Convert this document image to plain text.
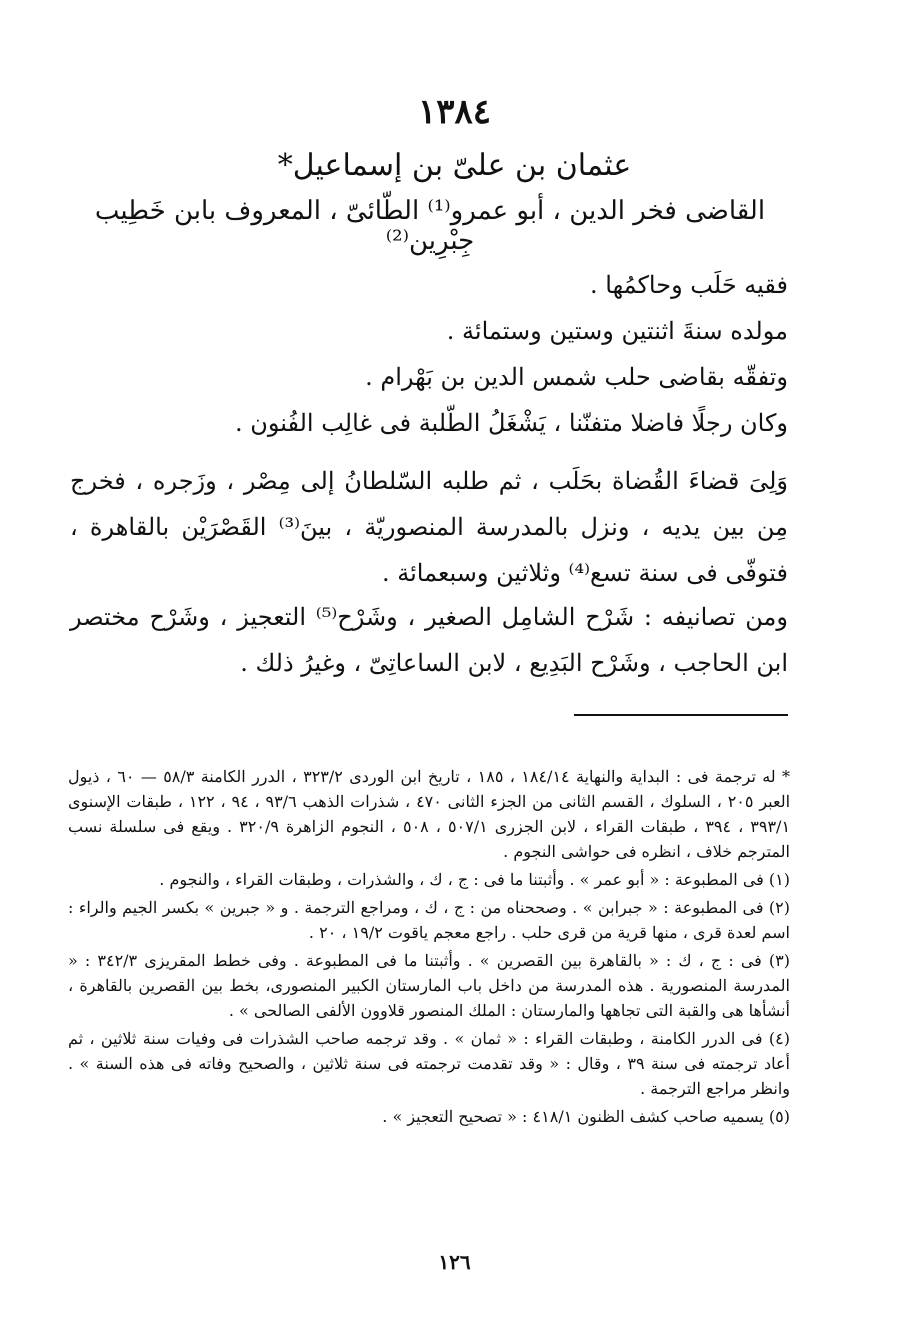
١٣٨٤
عثمان بن علىّ بن إسماعيل*
القاضى فخر الدين ، أبو عمرو⁽¹⁾ الطّائىّ ، المعروف بابن خَطِيب جِبْرِين⁽²⁾

فقيه حَلَب وحاكمُها .

مولده سنةَ اثنتين وستين وستمائة .

وتفقّه بقاضى حلب شمس الدين بن بَهْرام .

وكان رجلًا فاضلا متفنّنا ، يَشْغَلُ الطّلبة فى غالِب الفُنون .

وَلِىَ قضاءَ القُضاة بحَلَب ، ثم طلبه السّلطانُ إلى مِصْر ، وزَجره ، فخرج مِن بين يديه ، ونزل بالمدرسة المنصوريّة ، بينَ⁽³⁾ القَصْرَيْن بالقاهرة ، فتوفّى فى سنة تسع⁽⁴⁾ وثلاثين وسبعمائة .

ومن تصانيفه : شَرْح الشامِل الصغير ، وشَرْح⁽⁵⁾ التعجيز ، وشَرْح مختصر ابن الحاجب ، وشَرْح البَدِيع ، لابن الساعاتِىّ ، وغيرُ ذلك .

* له ترجمة فى : البداية والنهاية ١٨٤/١٤ ، ١٨٥ ، تاريخ ابن الوردى ٣٢٣/٢ ، الدرر الكامنة ٥٨/٣ — ٦٠ ، ذيول العبر ٢٠٥ ، السلوك ، القسم الثانى من الجزء الثانى ٤٧٠ ، شذرات الذهب ٩٣/٦ ، ٩٤ ، ١٢٢ ، طبقات الإسنوى ٣٩٣/١ ، ٣٩٤ ، طبقات القراء ، لابن الجزرى ٥٠٧/١ ، ٥٠٨ ، النجوم الزاهرة ٣٢٠/٩ . ويقع فى سلسلة نسب المترجم خلاف ، انظره فى حواشى النجوم .

(١) فى المطبوعة : « أبو عمر » . وأثبتنا ما فى : ج ، ك ، والشذرات ، وطبقات القراء ، والنجوم .

(٢) فى المطبوعة : « جبرابن » . وصححناه من : ج ، ك ، ومراجع الترجمة . و « جبرين » بكسر الجيم والراء : اسم لعدة قرى ، منها قرية من قرى حلب . راجع معجم ياقوت ١٩/٢ ، ٢٠ .

(٣) فى : ج ، ك : « بالقاهرة بين القصرين » . وأثبتنا ما فى المطبوعة . وفى خطط المقريزى ٣٤٢/٣ : « المدرسة المنصورية . هذه المدرسة من داخل باب المارستان الكبير المنصورى، بخط بين القصرين بالقاهرة ، أنشأها هى والقبة التى تجاهها والمارستان : الملك المنصور قلاوون الألفى الصالحى » .

(٤) فى الدرر الكامنة ، وطبقات القراء : « ثمان » . وقد ترجمه صاحب الشذرات فى وفيات سنة ثلاثين ، ثم أعاد ترجمته فى سنة ٣٩ ، وقال : « وقد تقدمت ترجمته فى سنة ثلاثين ، والصحيح وفاته فى هذه السنة » . وانظر مراجع الترجمة .

(٥) يسميه صاحب كشف الظنون ٤١٨/١ : « تصحيح التعجيز » .

١٢٦
